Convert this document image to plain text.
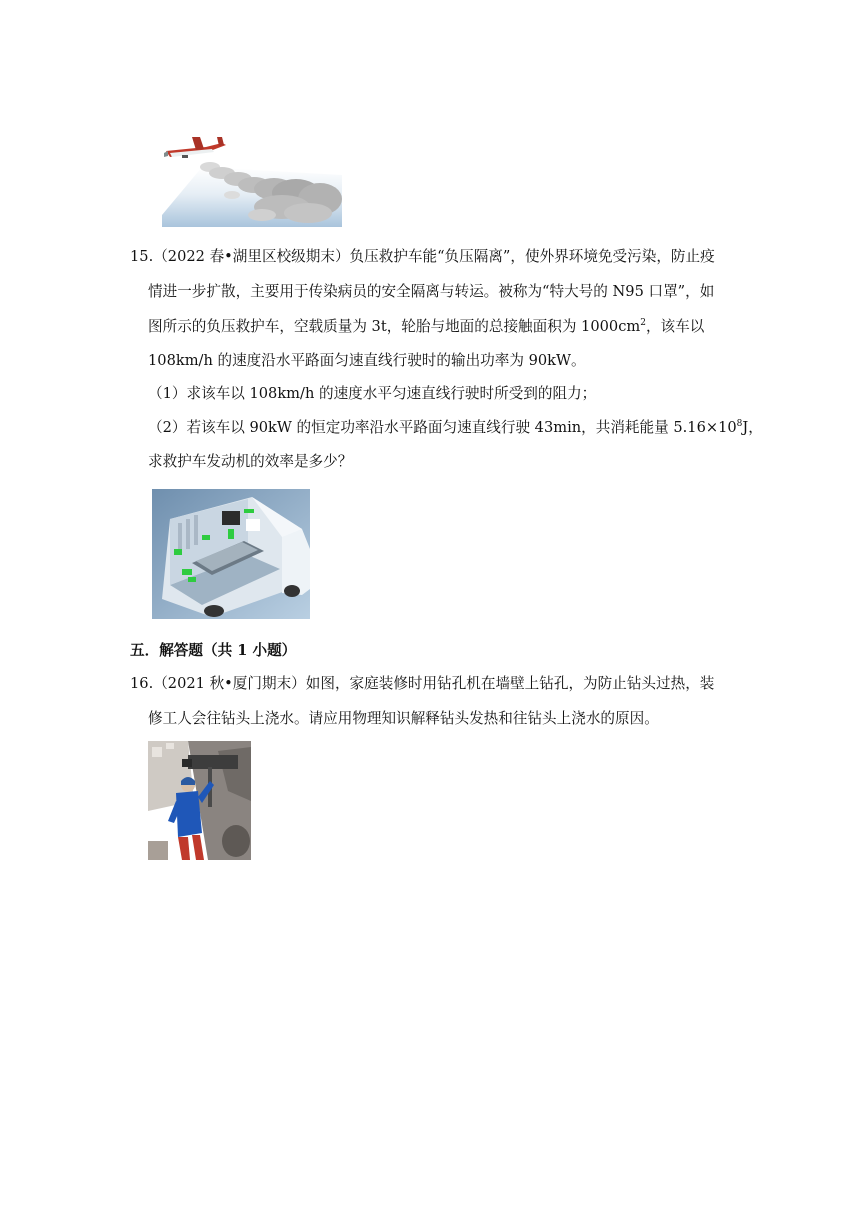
15.（2022 春•湖里区校级期末）负压救护车能“负压隔离”，使外界环境免受污染，防止疫
情进一步扩散，主要用于传染病员的安全隔离与转运。被称为“特大号的 N95 口罩”，如
图所示的负压救护车，空载质量为 3t，轮胎与地面的总接触面积为 $1000cm^2$，该车以
108km/h 的速度沿水平路面匀速直线行驶时的输出功率为 90kW。
（1）求该车以 108km/h 的速度水平匀速直线行驶时所受到的阻力；
（2）若该车以 90kW 的恒定功率沿水平路面匀速直线行驶 43min，共消耗能量 $5.16\times 10^8J$，
求救护车发动机的效率是多少？
五．解答题（共 1 小题）
16.（2021 秋•厦门期末）如图，家庭装修时用钻孔机在墙壁上钻孔，为防止钻头过热，装
修工人会往钻头上浇水。请应用物理知识解释钻头发热和往钻头上浇水的原因。
